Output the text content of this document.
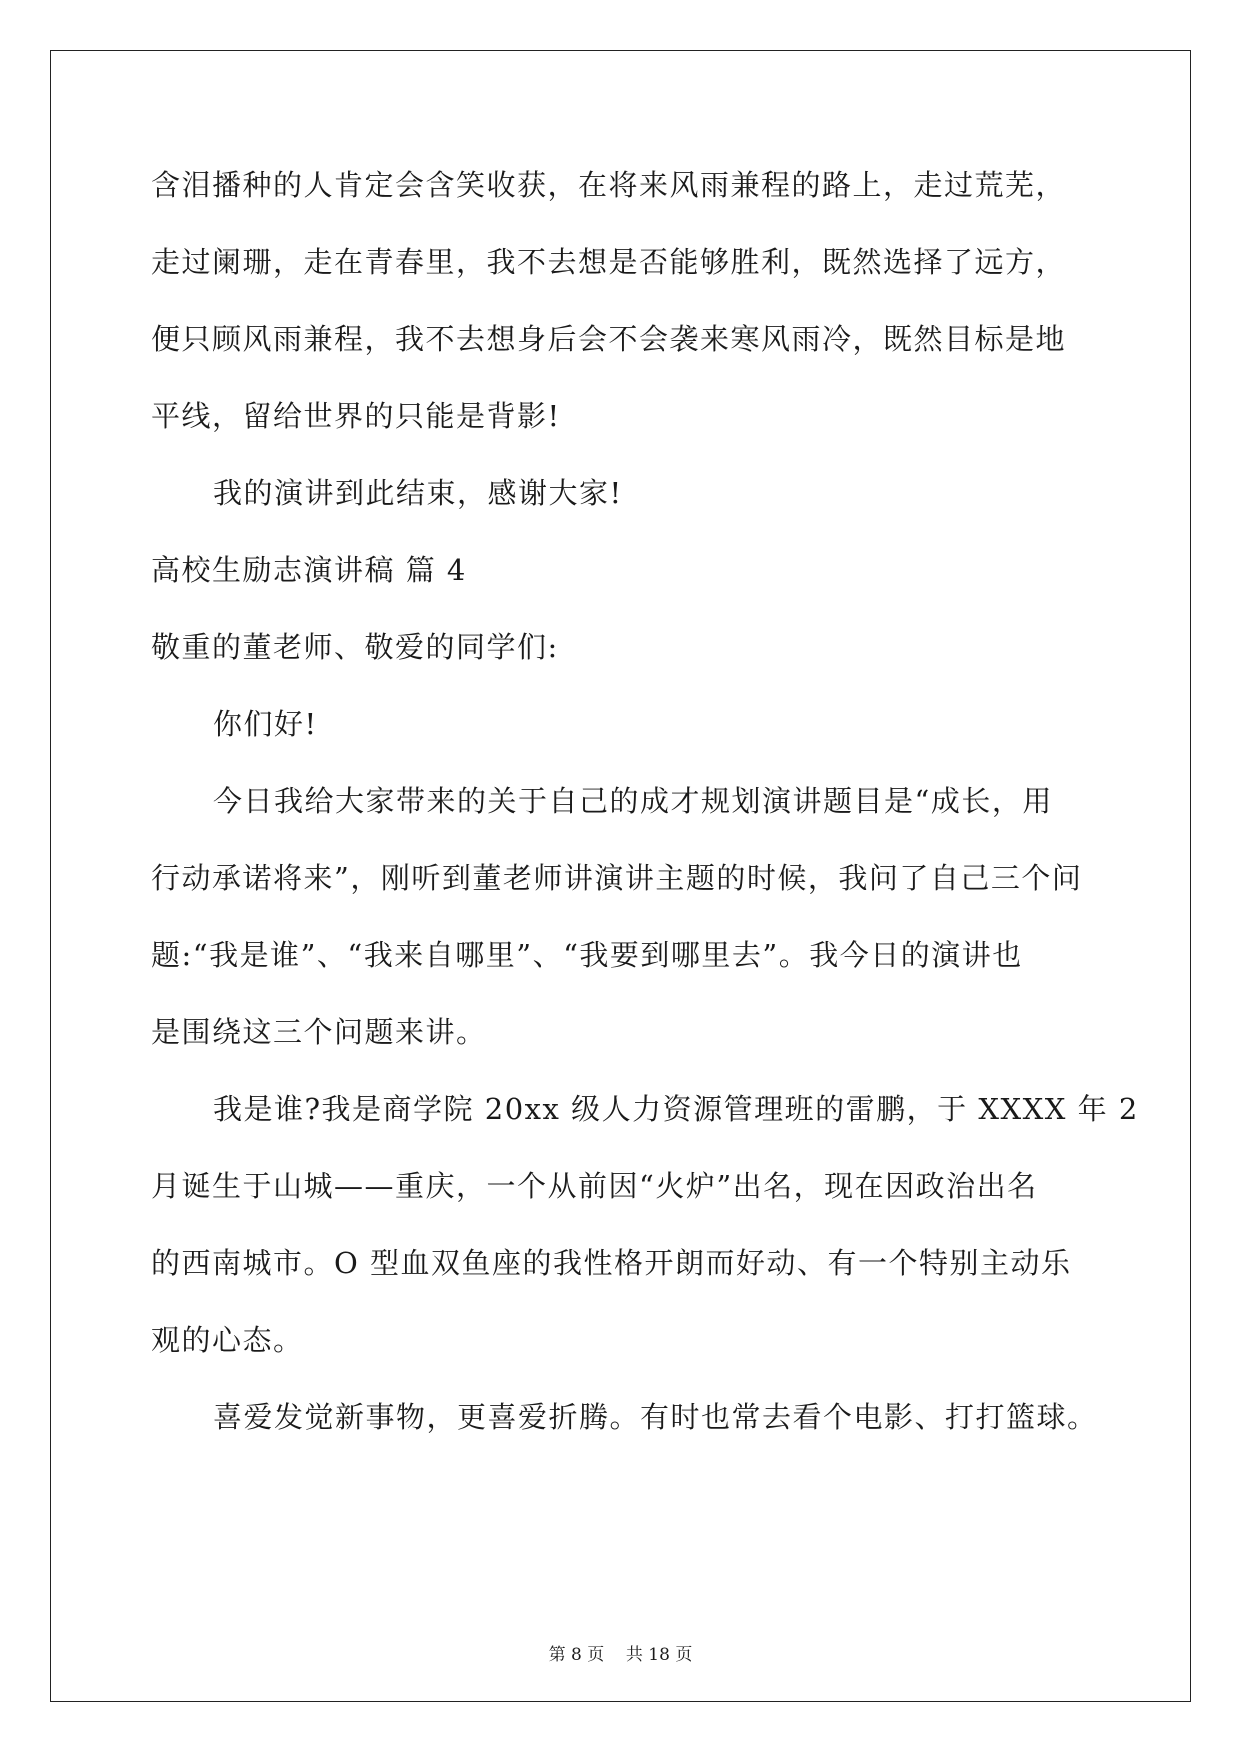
含泪播种的人肯定会含笑收获，在将来风雨兼程的路上，走过荒芜，
走过阑珊，走在青春里，我不去想是否能够胜利，既然选择了远方，
便只顾风雨兼程，我不去想身后会不会袭来寒风雨冷，既然目标是地
平线，留给世界的只能是背影!
我的演讲到此结束，感谢大家!
高校生励志演讲稿 篇 4
敬重的董老师、敬爱的同学们:
你们好!
今日我给大家带来的关于自己的成才规划演讲题目是“成长，用
行动承诺将来”，刚听到董老师讲演讲主题的时候，我问了自己三个问
题:“我是谁”、“我来自哪里”、“我要到哪里去”。我今日的演讲也
是围绕这三个问题来讲。
我是谁?我是商学院 20xx 级人力资源管理班的雷鹏，于 XXXX 年 2
月诞生于山城——重庆，一个从前因“火炉”出名，现在因政治出名
的西南城市。O 型血双鱼座的我性格开朗而好动、有一个特别主动乐
观的心态。
喜爱发觉新事物，更喜爱折腾。有时也常去看个电影、打打篮球。
第 8 页 共 18 页
